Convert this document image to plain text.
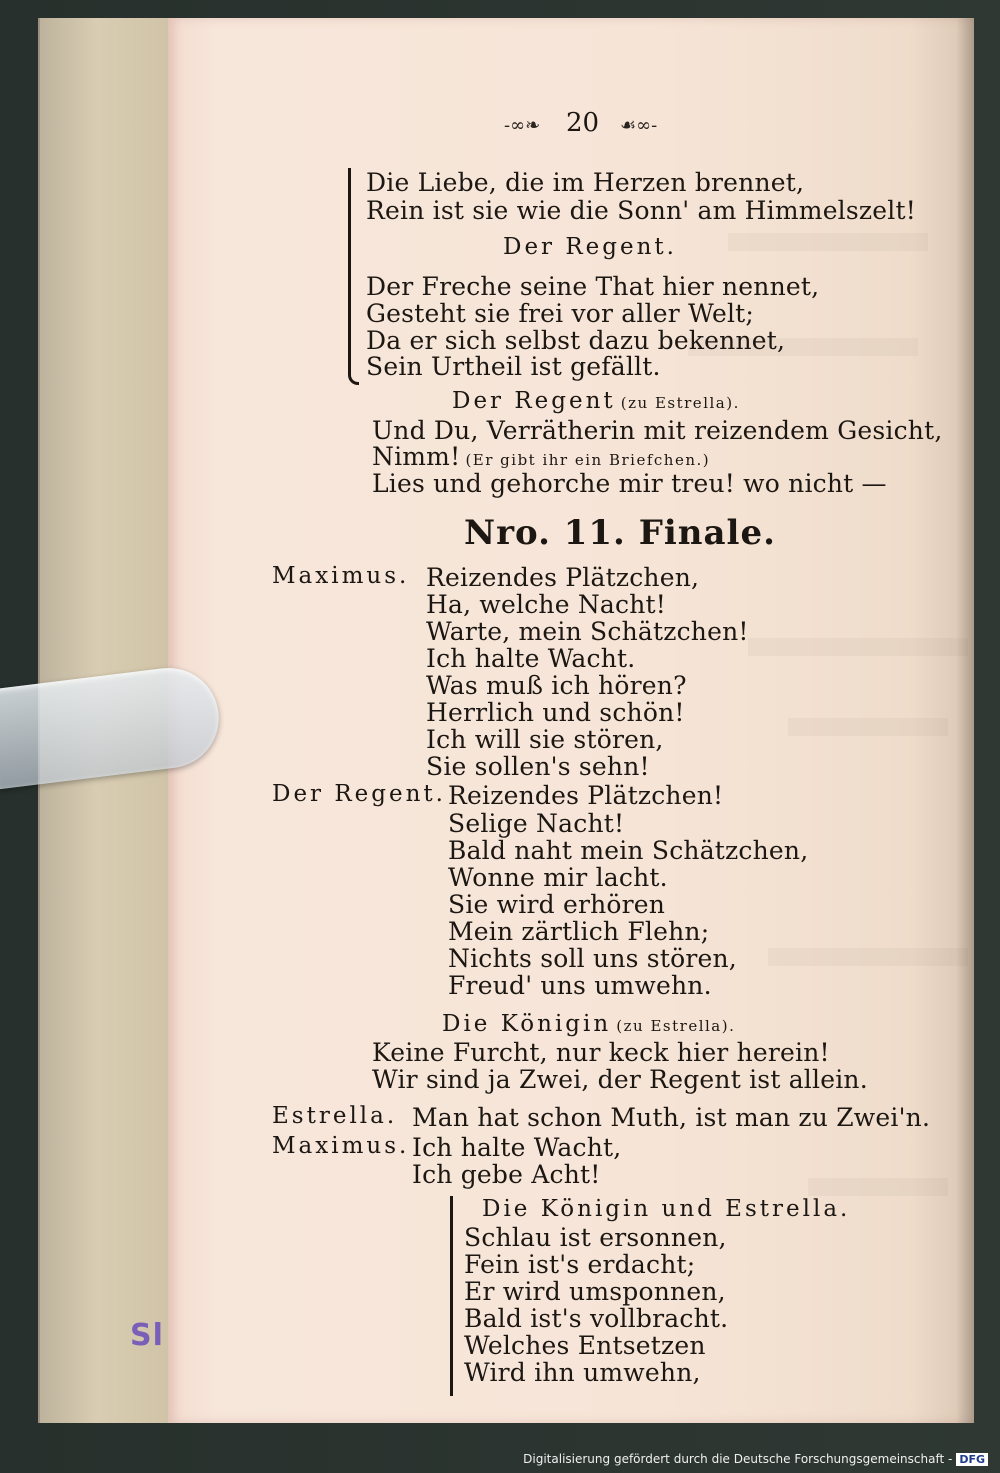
Sl
-∞❧ 20 ☙∞-
Die Liebe, die im Herzen brennet,
Rein ist sie wie die Sonn' am Himmelszelt!
Der Regent.
Der Freche seine That hier nennet,
Gesteht sie frei vor aller Welt;
Da er sich selbst dazu bekennet,
Sein Urtheil ist gefällt.
Der Regent (zu Estrella).
Und Du, Verrätherin mit reizendem Gesicht,
Nimm! (Er gibt ihr ein Briefchen.)
Lies und gehorche mir treu! wo nicht —
Nro. 11. Finale.
Maximus. Reizendes Plätzchen,
Ha, welche Nacht!
Warte, mein Schätzchen!
Ich halte Wacht.
Was muß ich hören?
Herrlich und schön!
Ich will sie stören,
Sie sollen's sehn!
Der Regent. Reizendes Plätzchen!
Selige Nacht!
Bald naht mein Schätzchen,
Wonne mir lacht.
Sie wird erhören
Mein zärtlich Flehn;
Nichts soll uns stören,
Freud' uns umwehn.
Die Königin (zu Estrella).
Keine Furcht, nur keck hier herein!
Wir sind ja Zwei, der Regent ist allein.
Estrella. Man hat schon Muth, ist man zu Zwei'n.
Maximus. Ich halte Wacht,
Ich gebe Acht!
Die Königin und Estrella.
Schlau ist ersonnen,
Fein ist's erdacht;
Er wird umsponnen,
Bald ist's vollbracht.
Welches Entsetzen
Wird ihn umwehn,
Digitalisierung gefördert durch die Deutsche Forschungsgemeinschaft - DFG
